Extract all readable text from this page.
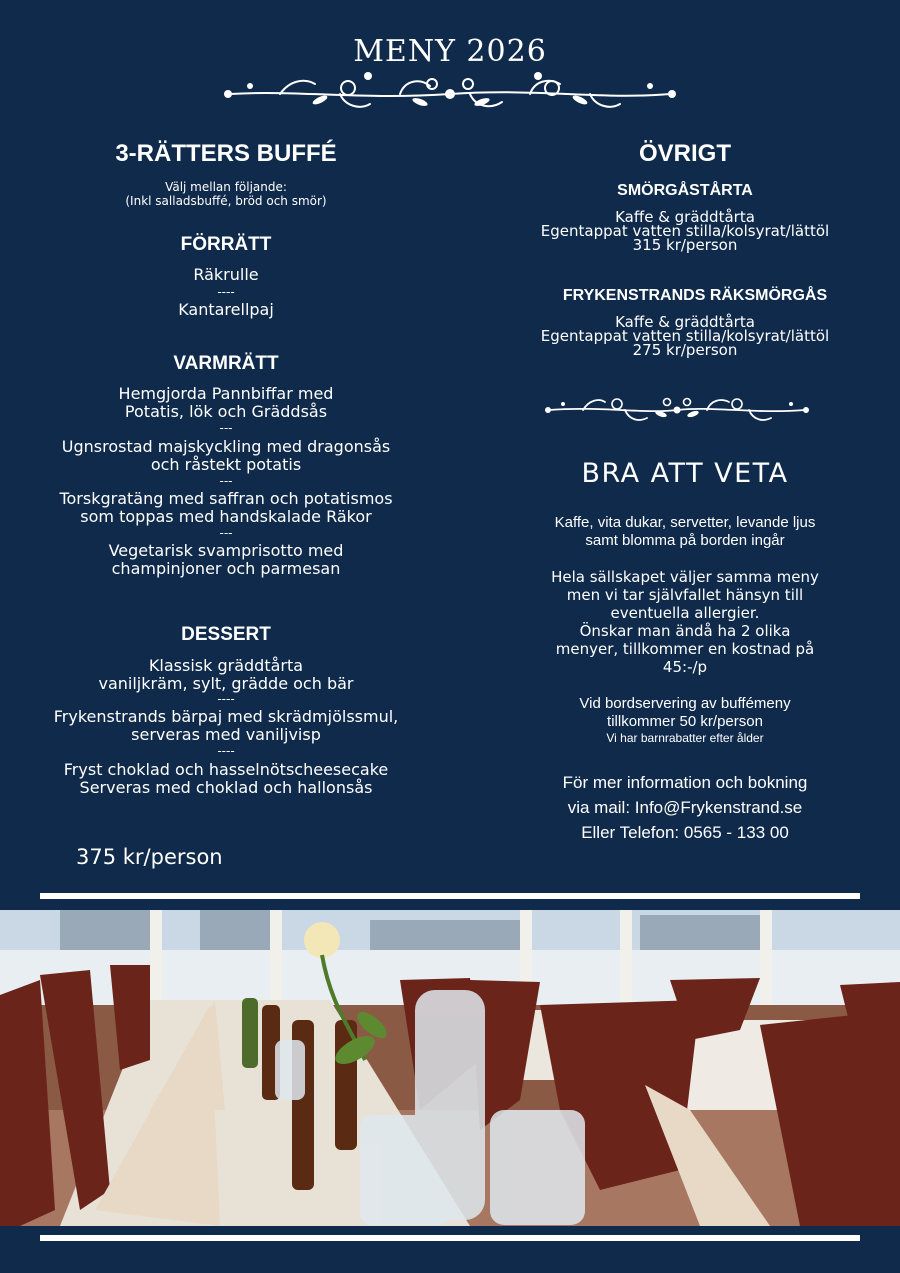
MENY 2026
3-RÄTTERS BUFFÉ
Välj mellan följande:
(Inkl salladsbuffé, bröd och smör)
FÖRRÄTT
Räkrulle
----
Kantarellpaj
VARMRÄTT
Hemgjorda Pannbiffar med
Potatis, lök och Gräddsås
---
Ugnsrostad majskyckling med dragonsås
och råstekt potatis
---
Torskgratäng med saffran och potatismos
som toppas med handskalade Räkor
---
Vegetarisk svamprisotto med
champinjoner och parmesan
DESSERT
Klassisk gräddtårta
vaniljkräm, sylt, grädde och bär
----
Frykenstrands bärpaj med skrädmjölssmul,
serveras med vaniljvisp
----
Fryst choklad och hasselnötscheesecake
Serveras med choklad och hallonsås
375 kr/person
ÖVRIGT
SMÖRGÅSTÅRTA
Kaffe & gräddtårta
Egentappat vatten stilla/kolsyrat/lättöl
315 kr/person
FRYKENSTRANDS RÄKSMÖRGÅS
Kaffe & gräddtårta
Egentappat vatten stilla/kolsyrat/lättöl
275 kr/person
BRA ATT VETA
Kaffe, vita dukar, servetter, levande ljus
samt blomma på borden ingår
Hela sällskapet väljer samma meny
men vi tar självfallet hänsyn till
eventuella allergier.
Önskar man ändå ha 2 olika
menyer, tillkommer en kostnad på
45:-/p
Vid bordservering av buffémeny
tillkommer 50 kr/person
Vi har barnrabatter efter ålder
För mer information och bokning
via mail: Info@Frykenstrand.se
Eller Telefon: 0565 - 133 00
